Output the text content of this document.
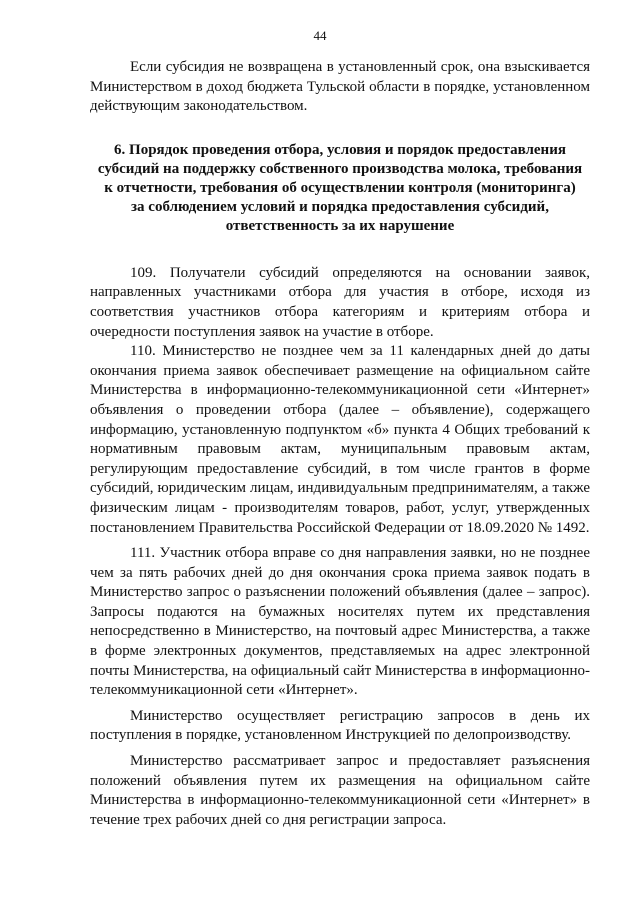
44

Если субсидия не возвращена в установленный срок, она взыскивается Министерством в доход бюджета Тульской области в порядке, установленном действующим законодательством.

6. Порядок проведения отбора, условия и порядок предоставления
субсидий на поддержку собственного производства молока, требования
к отчетности, требования об осуществлении контроля (мониторинга)
за соблюдением условий и порядка предоставления субсидий,
ответственность за их нарушение

109. Получатели субсидий определяются на основании заявок, направленных участниками отбора для участия в отборе, исходя из соответствия участников отбора категориям и критериям отбора и очередности поступления заявок на участие в отборе.

110. Министерство не позднее чем за 11 календарных дней до даты окончания приема заявок обеспечивает размещение на официальном сайте Министерства в информационно-телекоммуникационной сети «Интернет» объявления о проведении отбора (далее – объявление), содержащего информацию, установленную подпунктом «б» пункта 4 Общих требований к нормативным правовым актам, муниципальным правовым актам, регулирующим предоставление субсидий, в том числе грантов в форме субсидий, юридическим лицам, индивидуальным предпринимателям, а также физическим лицам - производителям товаров, работ, услуг, утвержденных постановлением Правительства Российской Федерации от 18.09.2020 № 1492.

111. Участник отбора вправе со дня направления заявки, но не позднее чем за пять рабочих дней до дня окончания срока приема заявок подать в Министерство запрос о разъяснении положений объявления (далее – запрос). Запросы подаются на бумажных носителях путем их представления непосредственно в Министерство, на почтовый адрес Министерства, а также в форме электронных документов, представляемых на адрес электронной почты Министерства, на официальный сайт Министерства в информационно-телекоммуникационной сети «Интернет».

Министерство осуществляет регистрацию запросов в день их поступления в порядке, установленном Инструкцией по делопроизводству.

Министерство рассматривает запрос и предоставляет разъяснения положений объявления путем их размещения на официальном сайте Министерства в информационно-телекоммуникационной сети «Интернет» в течение трех рабочих дней со дня регистрации запроса.
